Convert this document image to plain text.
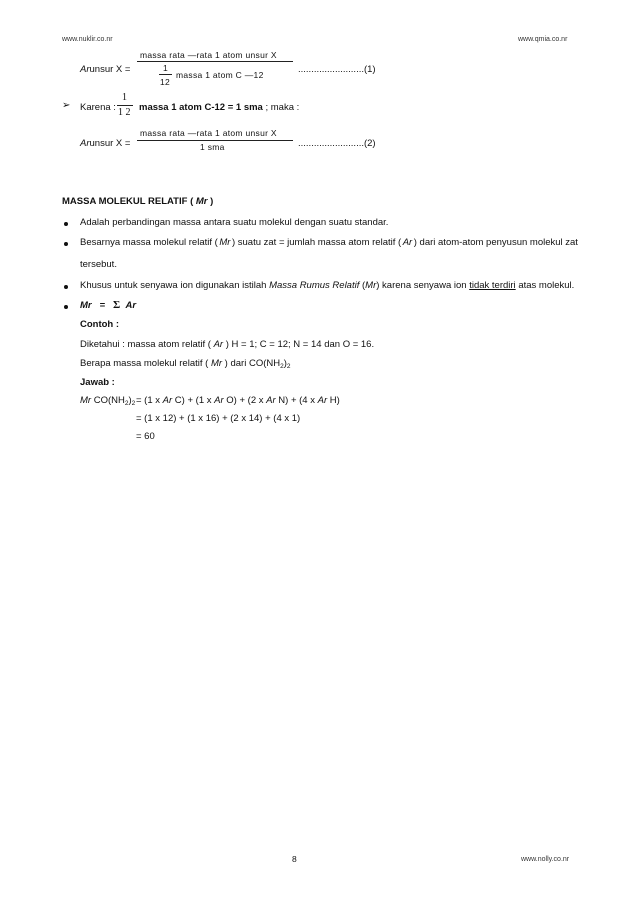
www.nuklir.co.nr	www.qmia.co.nr
Arunsur X =
massa rata —rata 1 atom unsur X
1
12
massa 1 atom C —12	.........................(1)
➢ Karena :
1
1 2 massa 1 atom C-12 = 1 sma ; maka :
Arunsur X =
massa rata —rata 1 atom unsur X
1 sma	.........................(2)
MASSA MOLEKUL RELATIF ( Mr )
Adalah perbandingan massa antara suatu molekul dengan suatu standar.
Besarnya massa molekul relatif ( Mr ) suatu zat = jumlah massa atom relatif ( Ar ) dari atom-atom penyusun molekul zat
tersebut.
Khusus untuk senyawa ion digunakan istilah Massa Rumus Relatif (Mr) karena senyawa ion tidak terdiri atas molekul.
Mr = Σ Ar
Contoh :
Diketahui : massa atom relatif ( Ar ) H = 1; C = 12; N = 14 dan O = 16.
Berapa massa molekul relatif ( Mr ) dari $CO(NH_2)_2$
Jawab :
Mr $CO(NH_2)_2 = (1$ x Ar C) + (1 x Ar O) + (2 x Ar N) + (4 x Ar H)
= (1 x 12) + (1 x 16) + (2 x 14) + (4 x 1)
= 60
8	www.nolly.co.nr
